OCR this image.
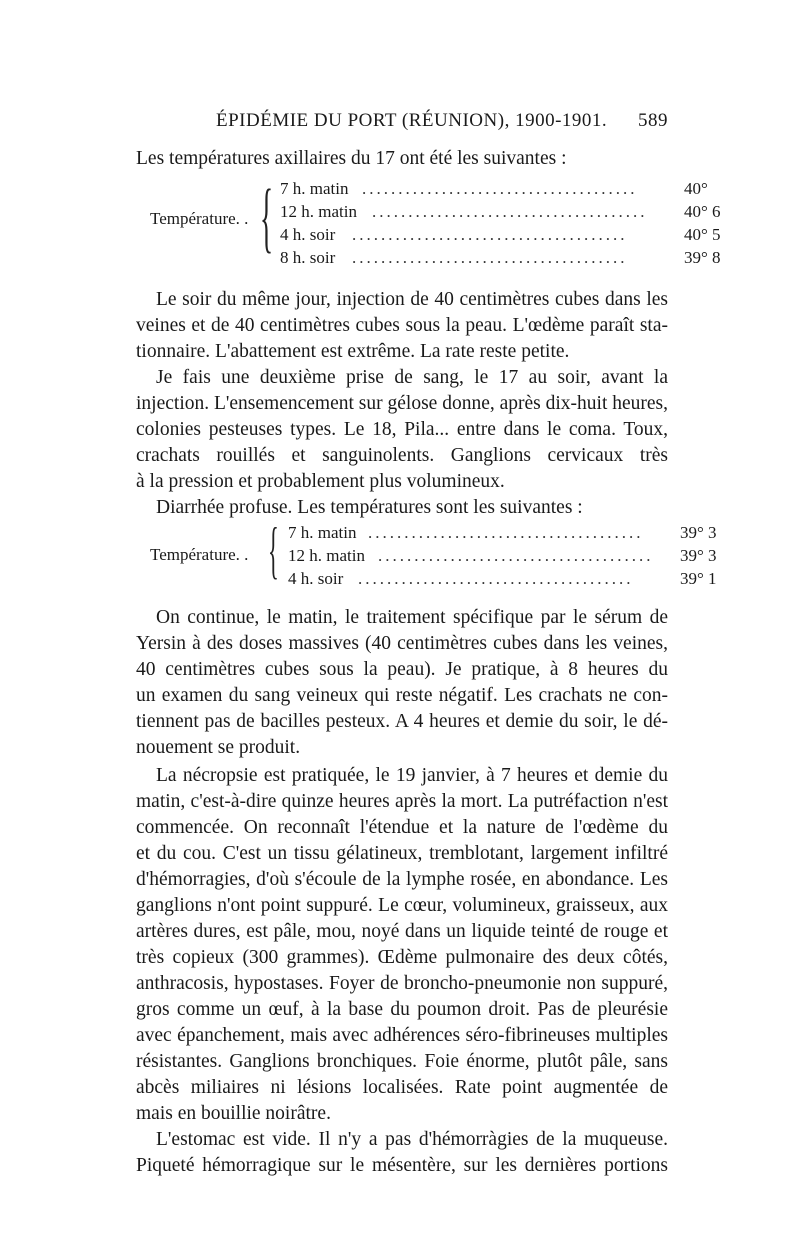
ÉPIDÉMIE DU PORT (RÉUNION), 1900-1901. 589
Les températures axillaires du 17 ont été les suivantes :
Température. . { 7 h. matin ......................................	40°
12 h. matin ......................................	40° 6
4 h. soir ......................................	40° 5
8 h. soir ......................................	39° 8
Le soir du même jour, injection de 40 centimètres cubes dans les
veines et de 40 centimètres cubes sous la peau. L'œdème paraît sta-
tionnaire. L'abattement est extrême. La rate reste petite.
Je fais une deuxième prise de sang, le 17 au soir, avant la
injection. L'ensemencement sur gélose donne, après dix-huit heures,
colonies pesteuses types. Le 18, Pila... entre dans le coma. Toux,
crachats rouillés et sanguinolents. Ganglions cervicaux très
à la pression et probablement plus volumineux.
Diarrhée profuse. Les températures sont les suivantes :
Température. . { 7 h. matin ......................................	39° 3
12 h. matin ......................................	39° 3
4 h. soir ......................................	39° 1
On continue, le matin, le traitement spécifique par le sérum de
Yersin à des doses massives (40 centimètres cubes dans les veines,
40 centimètres cubes sous la peau). Je pratique, à 8 heures du
un examen du sang veineux qui reste négatif. Les crachats ne con-
tiennent pas de bacilles pesteux. A 4 heures et demie du soir, le dé-
nouement se produit.
La nécropsie est pratiquée, le 19 janvier, à 7 heures et demie du
matin, c'est-à-dire quinze heures après la mort. La putréfaction n'est
commencée. On reconnaît l'étendue et la nature de l'œdème du
et du cou. C'est un tissu gélatineux, tremblotant, largement infiltré
d'hémorragies, d'où s'écoule de la lymphe rosée, en abondance. Les
ganglions n'ont point suppuré. Le cœur, volumineux, graisseux, aux
artères dures, est pâle, mou, noyé dans un liquide teinté de rouge et
très copieux (300 grammes). Œdème pulmonaire des deux côtés,
anthracosis, hypostases. Foyer de broncho-pneumonie non suppuré,
gros comme un œuf, à la base du poumon droit. Pas de pleurésie
avec épanchement, mais avec adhérences séro-fibrineuses multiples
résistantes. Ganglions bronchiques. Foie énorme, plutôt pâle, sans
abcès miliaires ni lésions localisées. Rate point augmentée de
mais en bouillie noirâtre.
L'estomac est vide. Il n'y a pas d'hémorràgies de la muqueuse.
Piqueté hémorragique sur le mésentère, sur les dernières portions
